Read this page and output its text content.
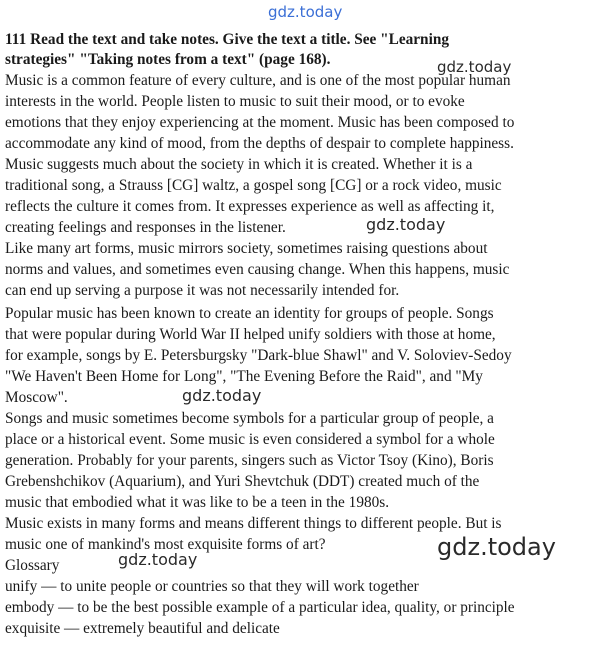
gdz.today
111 Read the text and take notes. Give the text a title. See "Learning
strategies" "Taking notes from a text" (page 168).	gdz.today
Music is a common feature of every culture, and is one of the most popular human
interests in the world. People listen to music to suit their mood, or to evoke
emotions that they enjoy experiencing at the moment. Music has been composed to
accommodate any kind of mood, from the depths of despair to complete happiness.
Music suggests much about the society in which it is created. Whether it is a
traditional song, a Strauss [CG] waltz, a gospel song [CG] or a rock video, music
reflects the culture it comes from. It expresses experience as well as affecting it,
creating feelings and responses in the listener.	gdz.today
Like many art forms, music mirrors society, sometimes raising questions about
norms and values, and sometimes even causing change. When this happens, music
can end up serving a purpose it was not necessarily intended for.
Popular music has been known to create an identity for groups of people. Songs
that were popular during World War II helped unify soldiers with those at home,
for example, songs by E. Petersburgsky "Dark-blue Shawl" and V. Soloviev-Sedoy
"We Haven't Been Home for Long", "The Evening Before the Raid", and "My
Moscow".	gdz.today
Songs and music sometimes become symbols for a particular group of people, a
place or a historical event. Some music is even considered a symbol for a whole
generation. Probably for your parents, singers such as Victor Tsoy (Kino), Boris
Grebenshchikov (Aquarium), and Yuri Shevtchuk (DDT) created much of the
music that embodied what it was like to be a teen in the 1980s.
Music exists in many forms and means different things to different people. But is
music one of mankind's most exquisite forms of art?	gdz.today
Glossary	gdz.today
unify — to unite people or countries so that they will work together
embody — to be the best possible example of a particular idea, quality, or principle
exquisite — extremely beautiful and delicate
